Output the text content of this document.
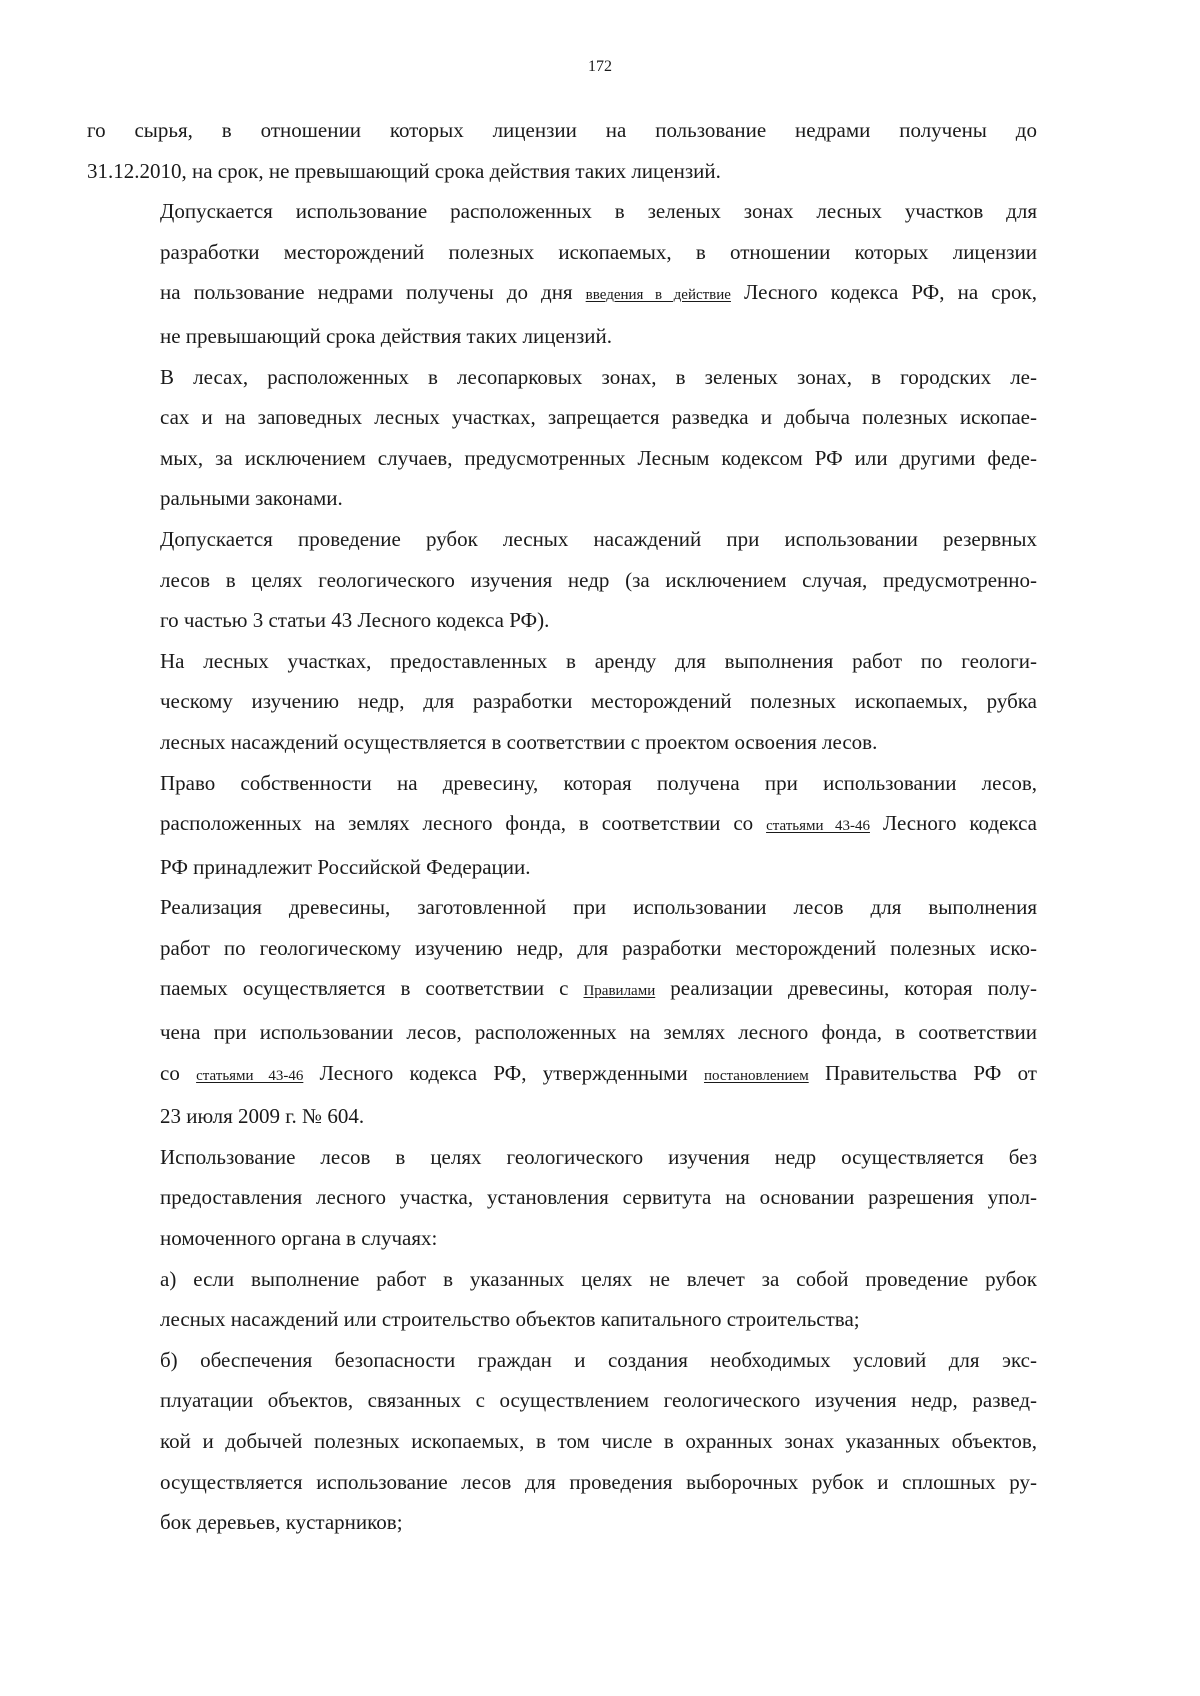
172

го сырья, в отношении которых лицензии на пользование недрами получены до
31.12.2010, на срок, не превышающий срока действия таких лицензий.

Допускается использование расположенных в зеленых зонах лесных участков для
разработки месторождений полезных ископаемых, в отношении которых лицензии
на пользование недрами получены до дня введения в действие Лесного кодекса РФ, на срок,
не превышающий срока действия таких лицензий.

В лесах, расположенных в лесопарковых зонах, в зеленых зонах, в городских ле-
сах и на заповедных лесных участках, запрещается разведка и добыча полезных ископае-
мых, за исключением случаев, предусмотренных Лесным кодексом РФ или другими феде-
ральными законами.

Допускается проведение рубок лесных насаждений при использовании резервных
лесов в целях геологического изучения недр (за исключением случая, предусмотренно-
го частью 3 статьи 43 Лесного кодекса РФ).

На лесных участках, предоставленных в аренду для выполнения работ по геологи-
ческому изучению недр, для разработки месторождений полезных ископаемых, рубка
лесных насаждений осуществляется в соответствии с проектом освоения лесов.

Право собственности на древесину, которая получена при использовании лесов,
расположенных на землях лесного фонда, в соответствии со статьями 43-46 Лесного кодекса
РФ принадлежит Российской Федерации.

Реализация древесины, заготовленной при использовании лесов для выполнения
работ по геологическому изучению недр, для разработки месторождений полезных иско-
паемых осуществляется в соответствии с Правилами реализации древесины, которая полу-
чена при использовании лесов, расположенных на землях лесного фонда, в соответствии
со статьями 43-46 Лесного кодекса РФ, утвержденными постановлением Правительства РФ от
23 июля 2009 г. № 604.

Использование лесов в целях геологического изучения недр осуществляется без
предоставления лесного участка, установления сервитута на основании разрешения упол-
номоченного органа в случаях:

а) если выполнение работ в указанных целях не влечет за собой проведение рубок
лесных насаждений или строительство объектов капитального строительства;

б) обеспечения безопасности граждан и создания необходимых условий для экс-
плуатации объектов, связанных с осуществлением геологического изучения недр, развед-
кой и добычей полезных ископаемых, в том числе в охранных зонах указанных объектов,
осуществляется использование лесов для проведения выборочных рубок и сплошных ру-
бок деревьев, кустарников;
